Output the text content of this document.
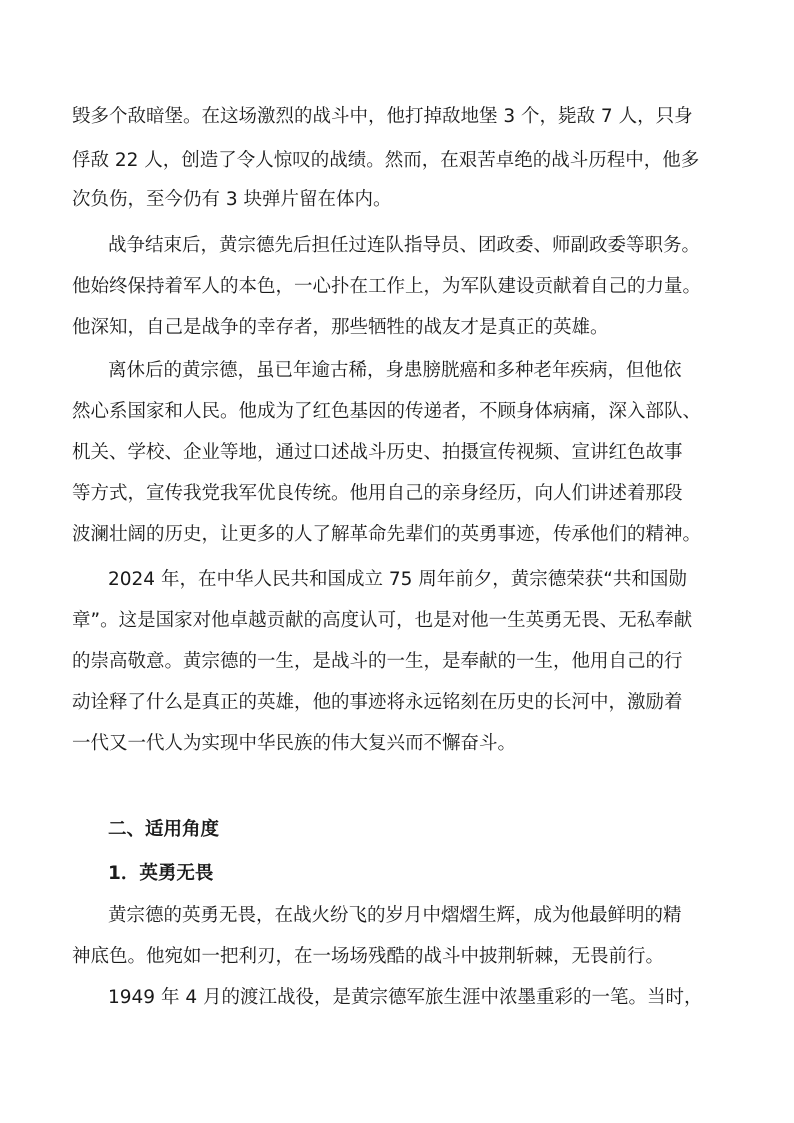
毁多个敌暗堡。在这场激烈的战斗中，他打掉敌地堡 3 个，毙敌 7 人，只身
俘敌 22 人，创造了令人惊叹的战绩。然而，在艰苦卓绝的战斗历程中，他多
次负伤，至今仍有 3 块弹片留在体内。
战争结束后，黄宗德先后担任过连队指导员、团政委、师副政委等职务。
他始终保持着军人的本色，一心扑在工作上，为军队建设贡献着自己的力量。
他深知，自己是战争的幸存者，那些牺牲的战友才是真正的英雄。
离休后的黄宗德，虽已年逾古稀，身患膀胱癌和多种老年疾病，但他依
然心系国家和人民。他成为了红色基因的传递者，不顾身体病痛，深入部队、
机关、学校、企业等地，通过口述战斗历史、拍摄宣传视频、宣讲红色故事
等方式，宣传我党我军优良传统。他用自己的亲身经历，向人们讲述着那段
波澜壮阔的历史，让更多的人了解革命先辈们的英勇事迹，传承他们的精神。
2024 年，在中华人民共和国成立 75 周年前夕，黄宗德荣获“共和国勋
章”。这是国家对他卓越贡献的高度认可，也是对他一生英勇无畏、无私奉献
的崇高敬意。黄宗德的一生，是战斗的一生，是奉献的一生，他用自己的行
动诠释了什么是真正的英雄，他的事迹将永远铭刻在历史的长河中，激励着
一代又一代人为实现中华民族的伟大复兴而不懈奋斗。
二、适用角度
1．英勇无畏
黄宗德的英勇无畏，在战火纷飞的岁月中熠熠生辉，成为他最鲜明的精
神底色。他宛如一把利刃，在一场场残酷的战斗中披荆斩棘，无畏前行。
1949 年 4 月的渡江战役，是黄宗德军旅生涯中浓墨重彩的一笔。当时，
